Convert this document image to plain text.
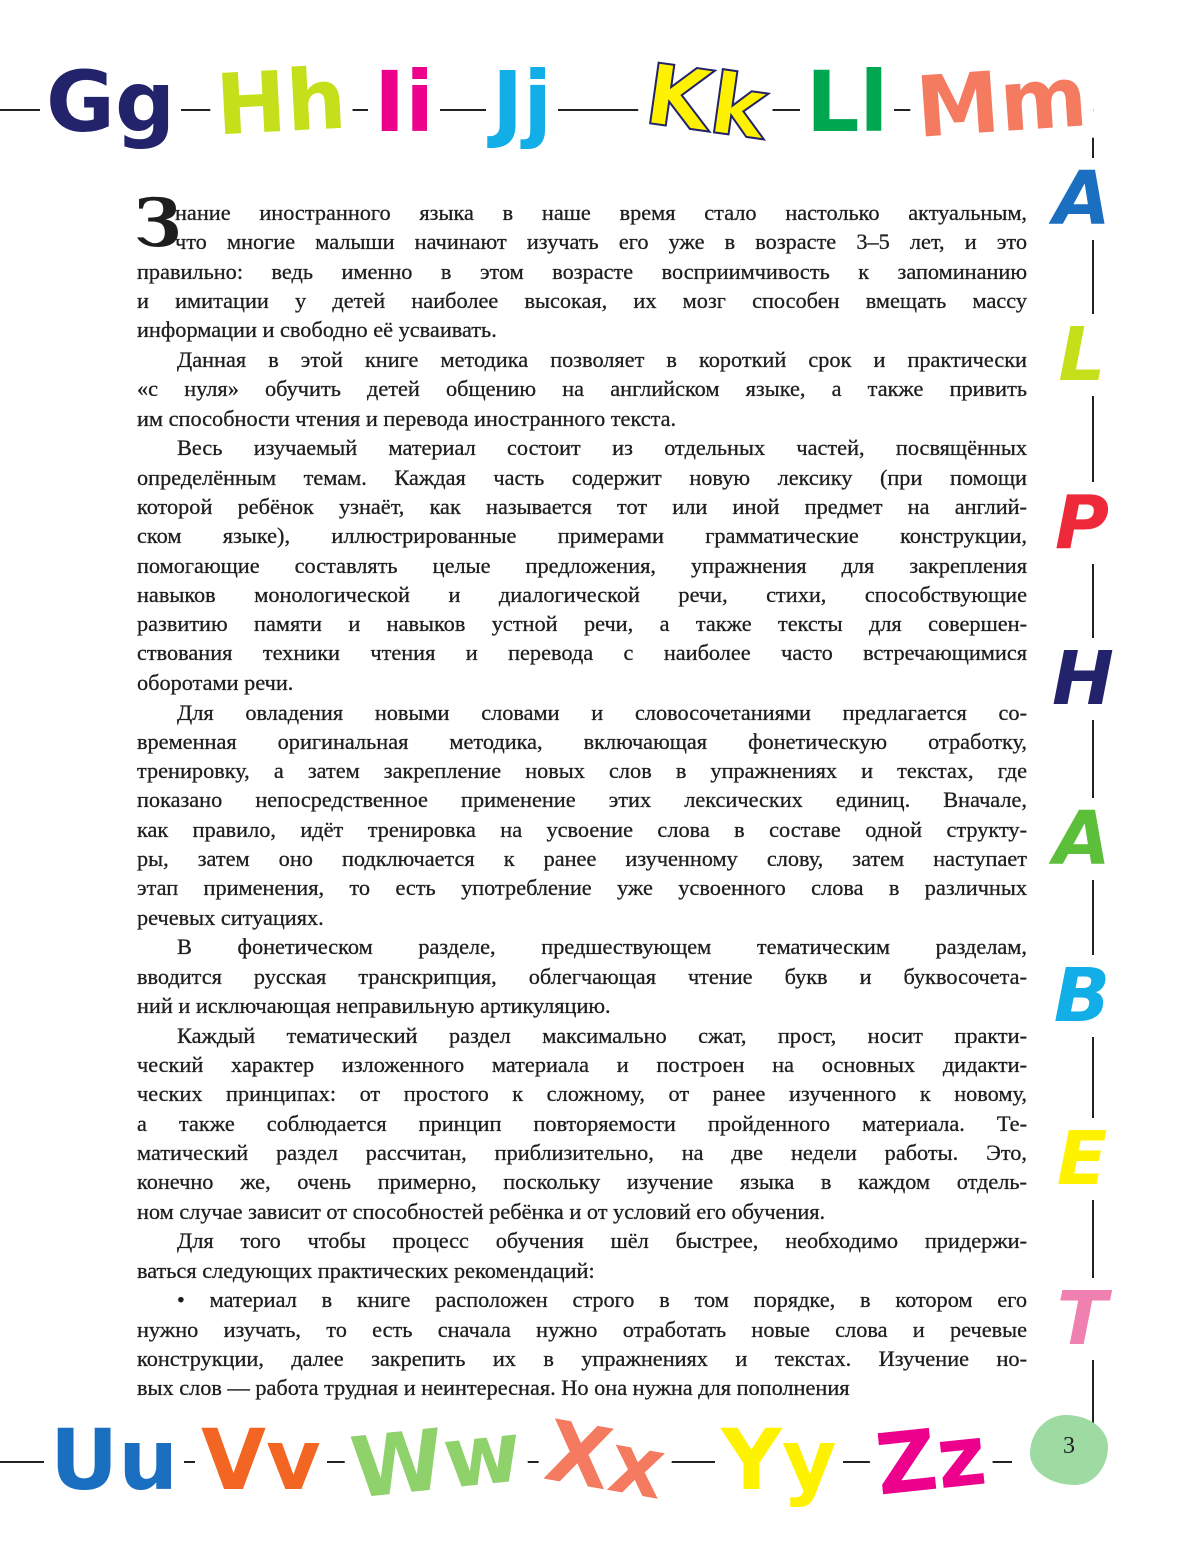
Gg Hh Ii Jj Kk Ll Mm
A
L
P
H
A
B
E
T
Uu Vv Ww Xx Yy Zz
З
нание иностранного языка в наше время стало настолько актуальным,
что многие малыши начинают изучать его уже в возрасте 3–5 лет, и это
правильно: ведь именно в этом возрасте восприимчивость к запоминанию
и имитации у детей наиболее высокая, их мозг способен вмещать массу
информации и свободно её усваивать.
Данная в этой книге методика позволяет в короткий срок и практически
«с нуля» обучить детей общению на английском языке, а также привить
им способности чтения и перевода иностранного текста.
Весь изучаемый материал состоит из отдельных частей, посвящённых
определённым темам. Каждая часть содержит новую лексику (при помощи
которой ребёнок узнаёт, как называется тот или иной предмет на англий-
ском языке), иллюстрированные примерами грамматические конструкции,
помогающие составлять целые предложения, упражнения для закрепления
навыков монологической и диалогической речи, стихи, способствующие
развитию памяти и навыков устной речи, а также тексты для совершен-
ствования техники чтения и перевода с наиболее часто встречающимися
оборотами речи.
Для овладения новыми словами и словосочетаниями предлагается со-
временная оригинальная методика, включающая фонетическую отработку,
тренировку, а затем закрепление новых слов в упражнениях и текстах, где
показано непосредственное применение этих лексических единиц. Вначале,
как правило, идёт тренировка на усвоение слова в составе одной структу-
ры, затем оно подключается к ранее изученному слову, затем наступает
этап применения, то есть употребление уже усвоенного слова в различных
речевых ситуациях.
В фонетическом разделе, предшествующем тематическим разделам,
вводится русская транскрипция, облегчающая чтение букв и буквосочета-
ний и исключающая неправильную артикуляцию.
Каждый тематический раздел максимально сжат, прост, носит практи-
ческий характер изложенного материала и построен на основных дидакти-
ческих принципах: от простого к сложному, от ранее изученного к новому,
а также соблюдается принцип повторяемости пройденного материала. Те-
матический раздел рассчитан, приблизительно, на две недели работы. Это,
конечно же, очень примерно, поскольку изучение языка в каждом отдель-
ном случае зависит от способностей ребёнка и от условий его обучения.
Для того чтобы процесс обучения шёл быстрее, необходимо придержи-
ваться следующих практических рекомендаций:
• материал в книге расположен строго в том порядке, в котором его
нужно изучать, то есть сначала нужно отработать новые слова и речевые
конструкции, далее закрепить их в упражнениях и текстах. Изучение но-
вых слов — работа трудная и неинтересная. Но она нужна для пополнения
3
